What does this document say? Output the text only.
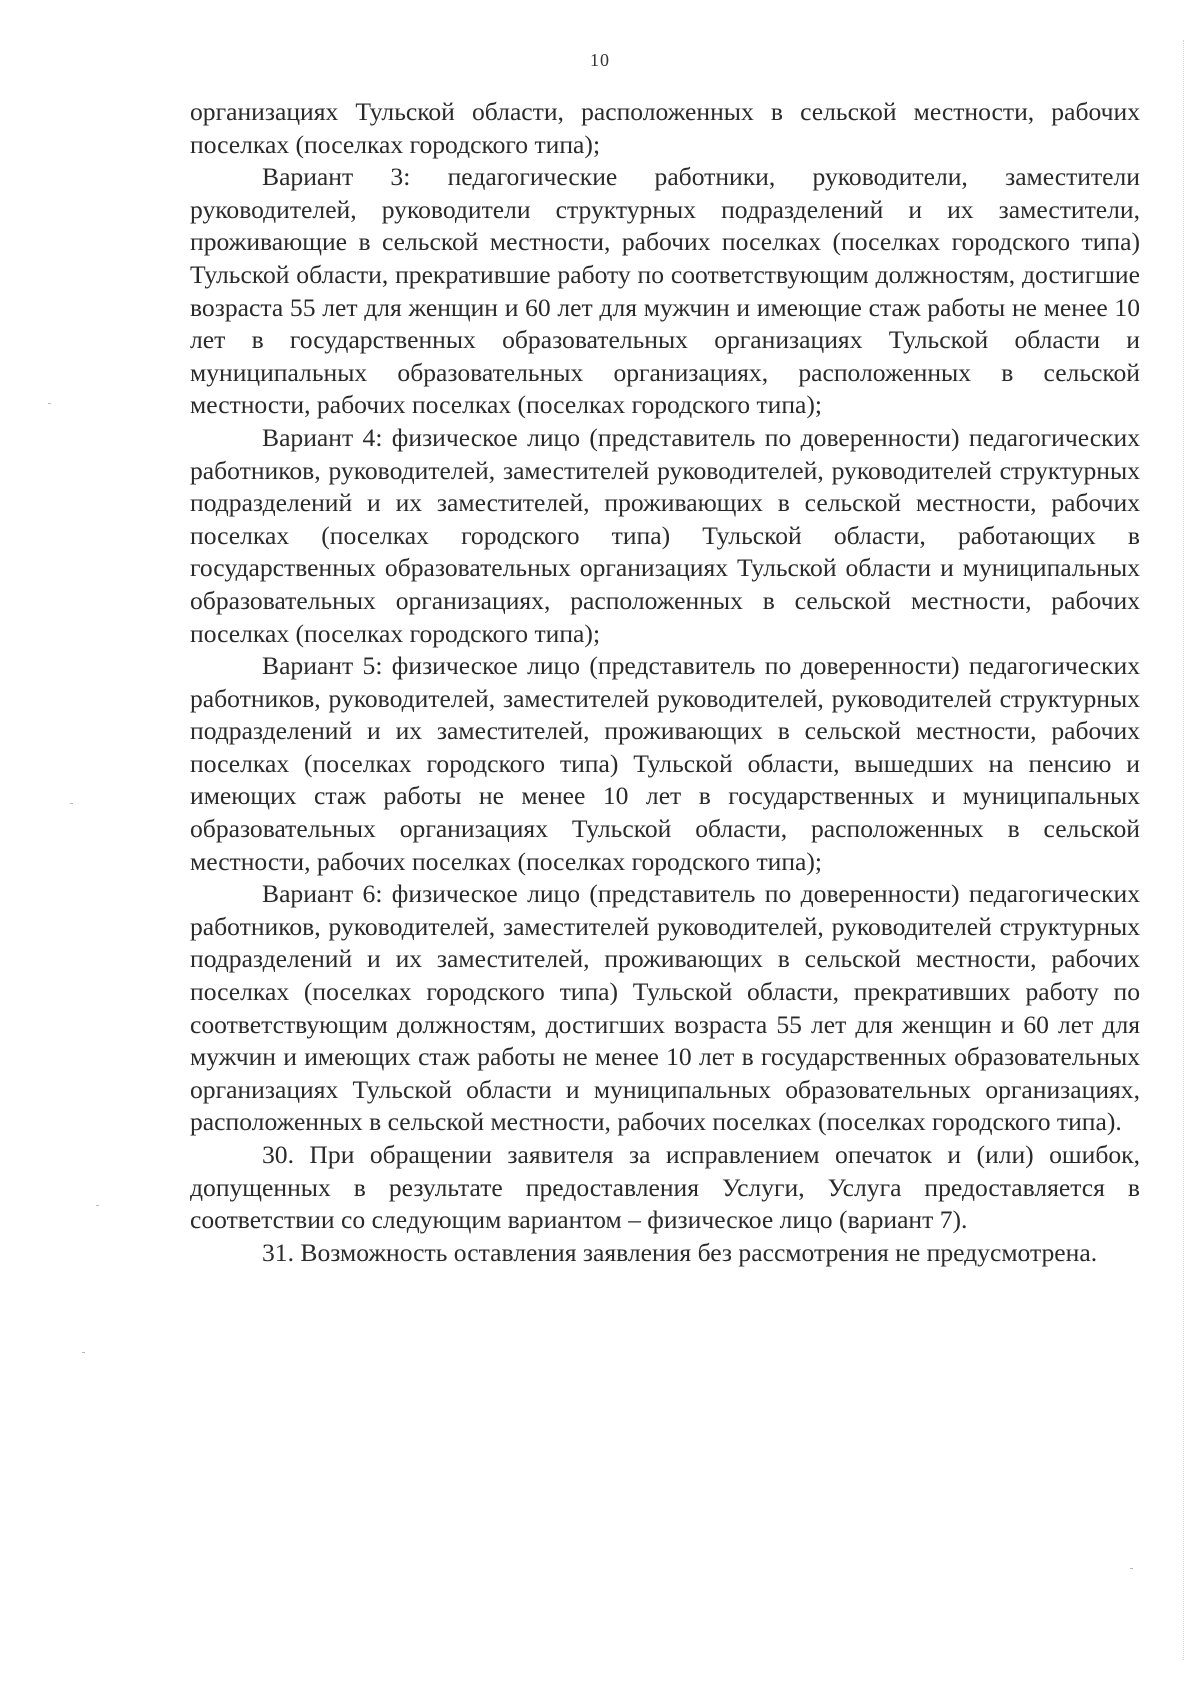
10

организациях Тульской области, расположенных в сельской местности, рабочих поселках (поселках городского типа);

Вариант 3: педагогические работники, руководители, заместители руководителей, руководители структурных подразделений и их заместители, проживающие в сельской местности, рабочих поселках (поселках городского типа) Тульской области, прекратившие работу по соответствующим должностям, достигшие возраста 55 лет для женщин и 60 лет для мужчин и имеющие стаж работы не менее 10 лет в государственных образовательных организациях Тульской области и муниципальных образовательных организациях, расположенных в сельской местности, рабочих поселках (поселках городского типа);

Вариант 4: физическое лицо (представитель по доверенности) педагогических работников, руководителей, заместителей руководителей, руководителей структурных подразделений и их заместителей, проживающих в сельской местности, рабочих поселках (поселках городского типа) Тульской области, работающих в государственных образовательных организациях Тульской области и муниципальных образовательных организациях, расположенных в сельской местности, рабочих поселках (поселках городского типа);

Вариант 5: физическое лицо (представитель по доверенности) педагогических работников, руководителей, заместителей руководителей, руководителей структурных подразделений и их заместителей, проживающих в сельской местности, рабочих поселках (поселках городского типа) Тульской области, вышедших на пенсию и имеющих стаж работы не менее 10 лет в государственных и муниципальных образовательных организациях Тульской области, расположенных в сельской местности, рабочих поселках (поселках городского типа);

Вариант 6: физическое лицо (представитель по доверенности) педагогических работников, руководителей, заместителей руководителей, руководителей структурных подразделений и их заместителей, проживающих в сельской местности, рабочих поселках (поселках городского типа) Тульской области, прекративших работу по соответствующим должностям, достигших возраста 55 лет для женщин и 60 лет для мужчин и имеющих стаж работы не менее 10 лет в государственных образовательных организациях Тульской области и муниципальных образовательных организациях, расположенных в сельской местности, рабочих поселках (поселках городского типа).

30. При обращении заявителя за исправлением опечаток и (или) ошибок, допущенных в результате предоставления Услуги, Услуга предоставляется в соответствии со следующим вариантом – физическое лицо (вариант 7).

31. Возможность оставления заявления без рассмотрения не предусмотрена.
